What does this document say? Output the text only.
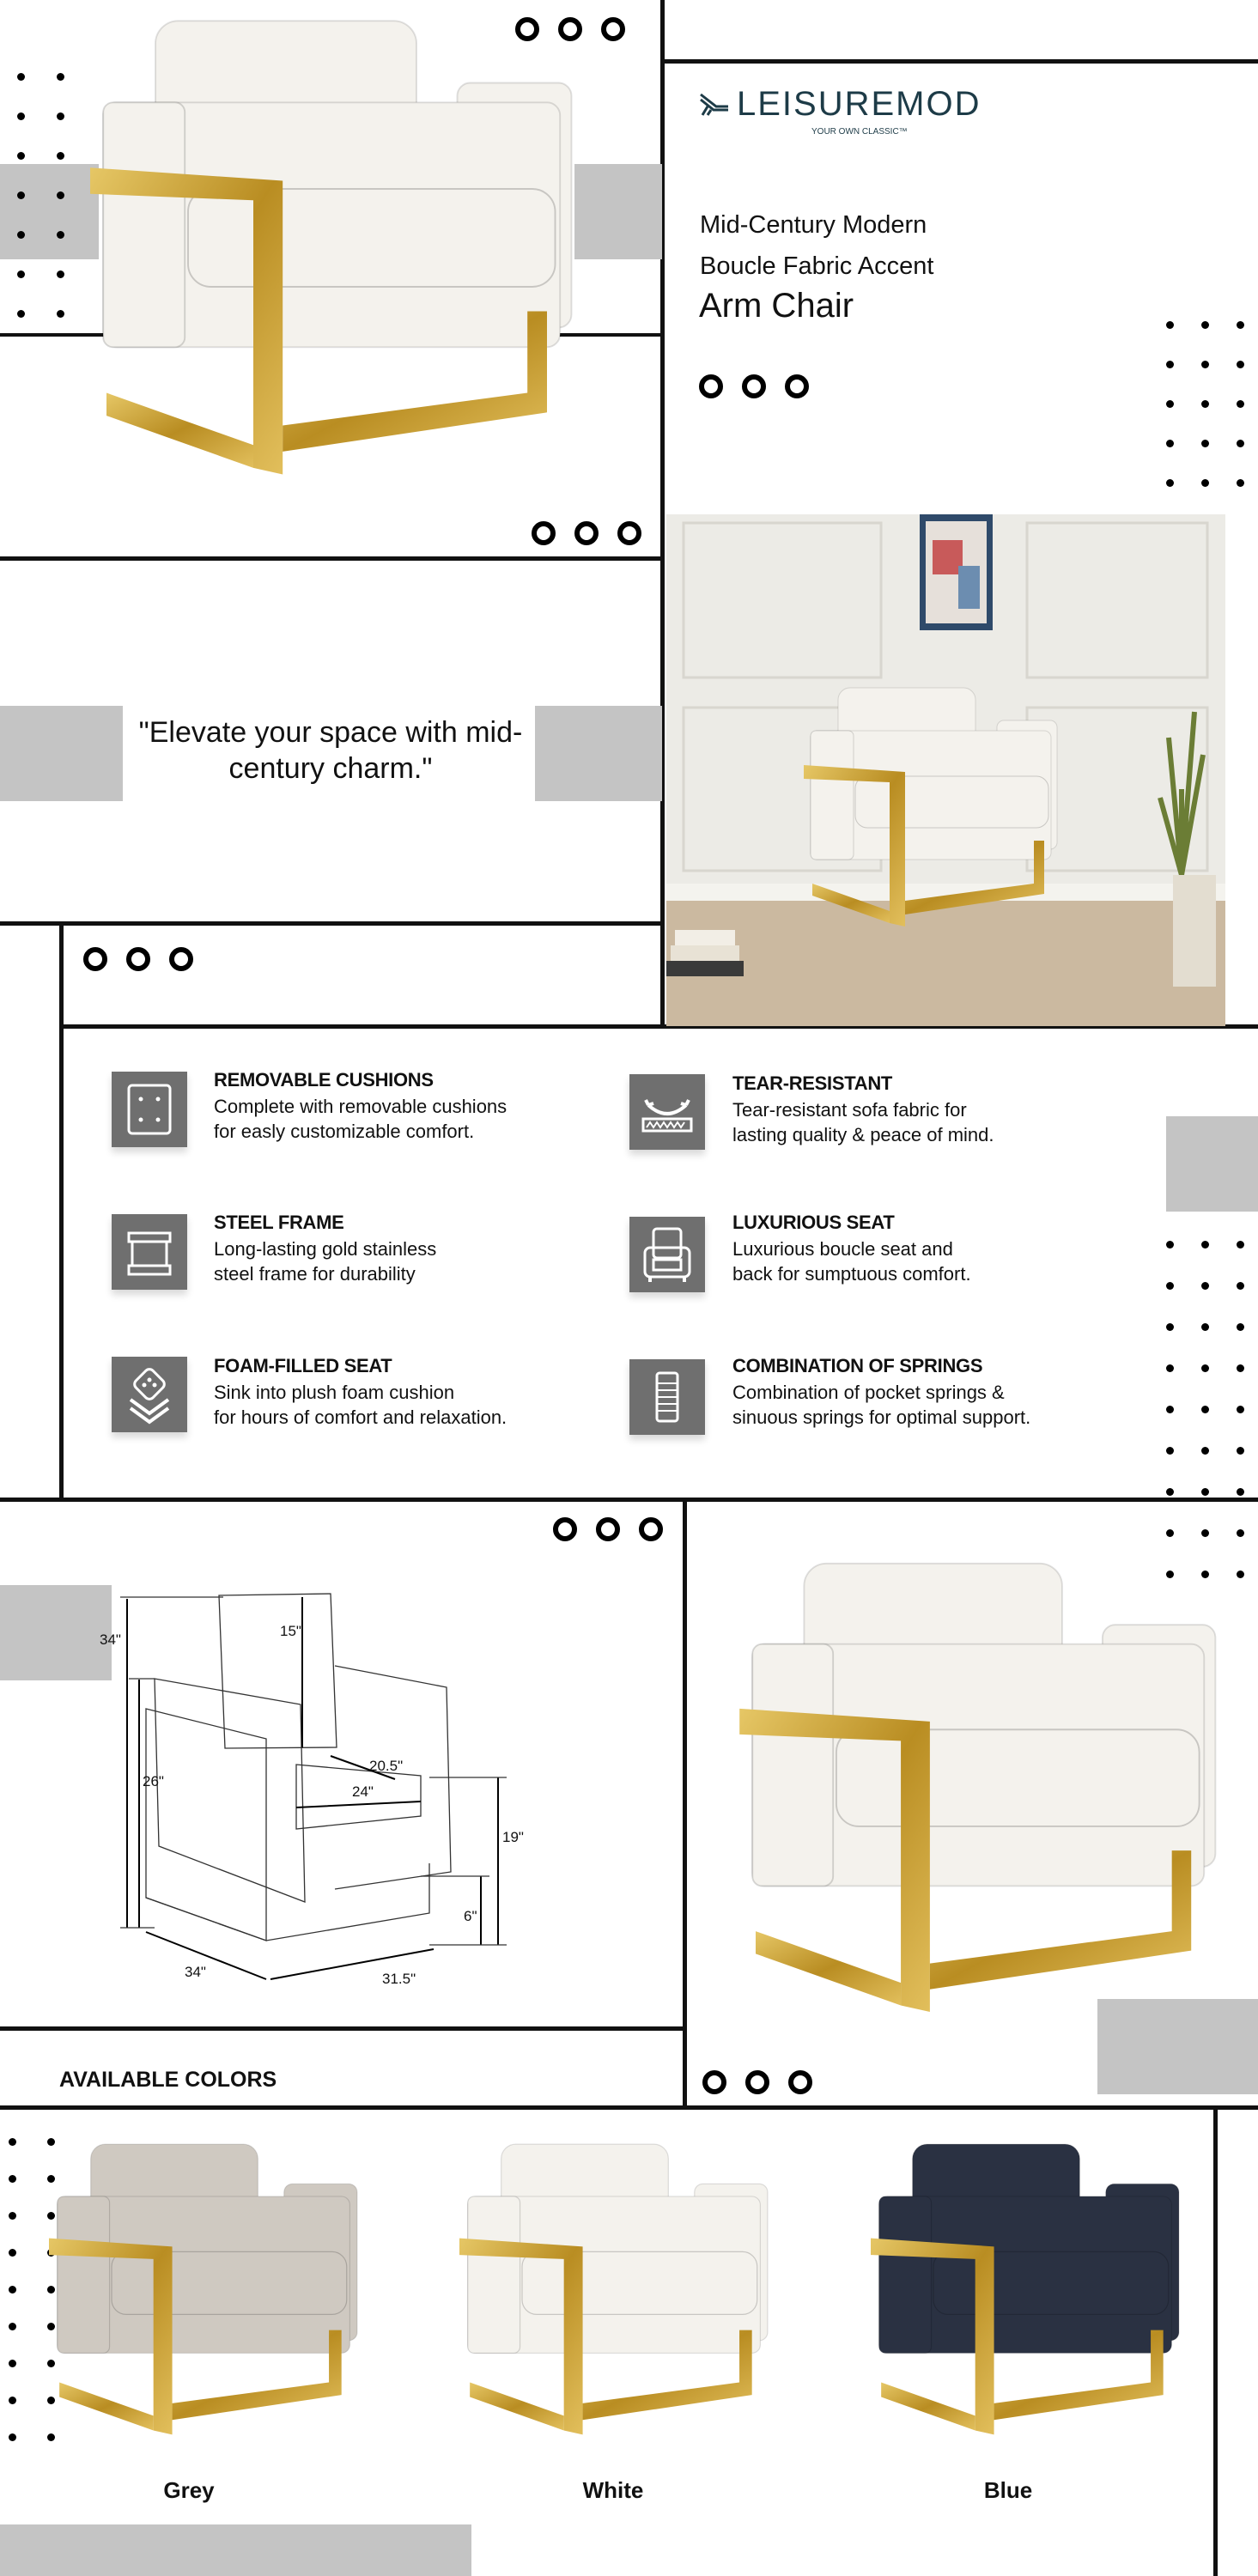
LEISUREMOD
YOUR OWN CLASSIC™
Mid-Century Modern
Boucle Fabric Accent
Arm Chair
"Elevate your space with mid-century charm."
REMOVABLE CUSHIONS
Complete with removable cushions
for easly customizable comfort.
TEAR-RESISTANT
Tear-resistant sofa fabric for
lasting quality & peace of mind.
STEEL FRAME
Long-lasting gold stainless
steel frame for durability
LUXURIOUS SEAT
Luxurious boucle seat and
back for sumptuous comfort.
FOAM-FILLED SEAT
Sink into plush foam cushion
for hours of comfort and relaxation.
COMBINATION OF SPRINGS
Combination of pocket springs &
sinuous springs for optimal support.
34"
15"
26"
20.5"
24"
19"
6"
34"	31.5"
AVAILABLE COLORS
Grey	White	Blue
